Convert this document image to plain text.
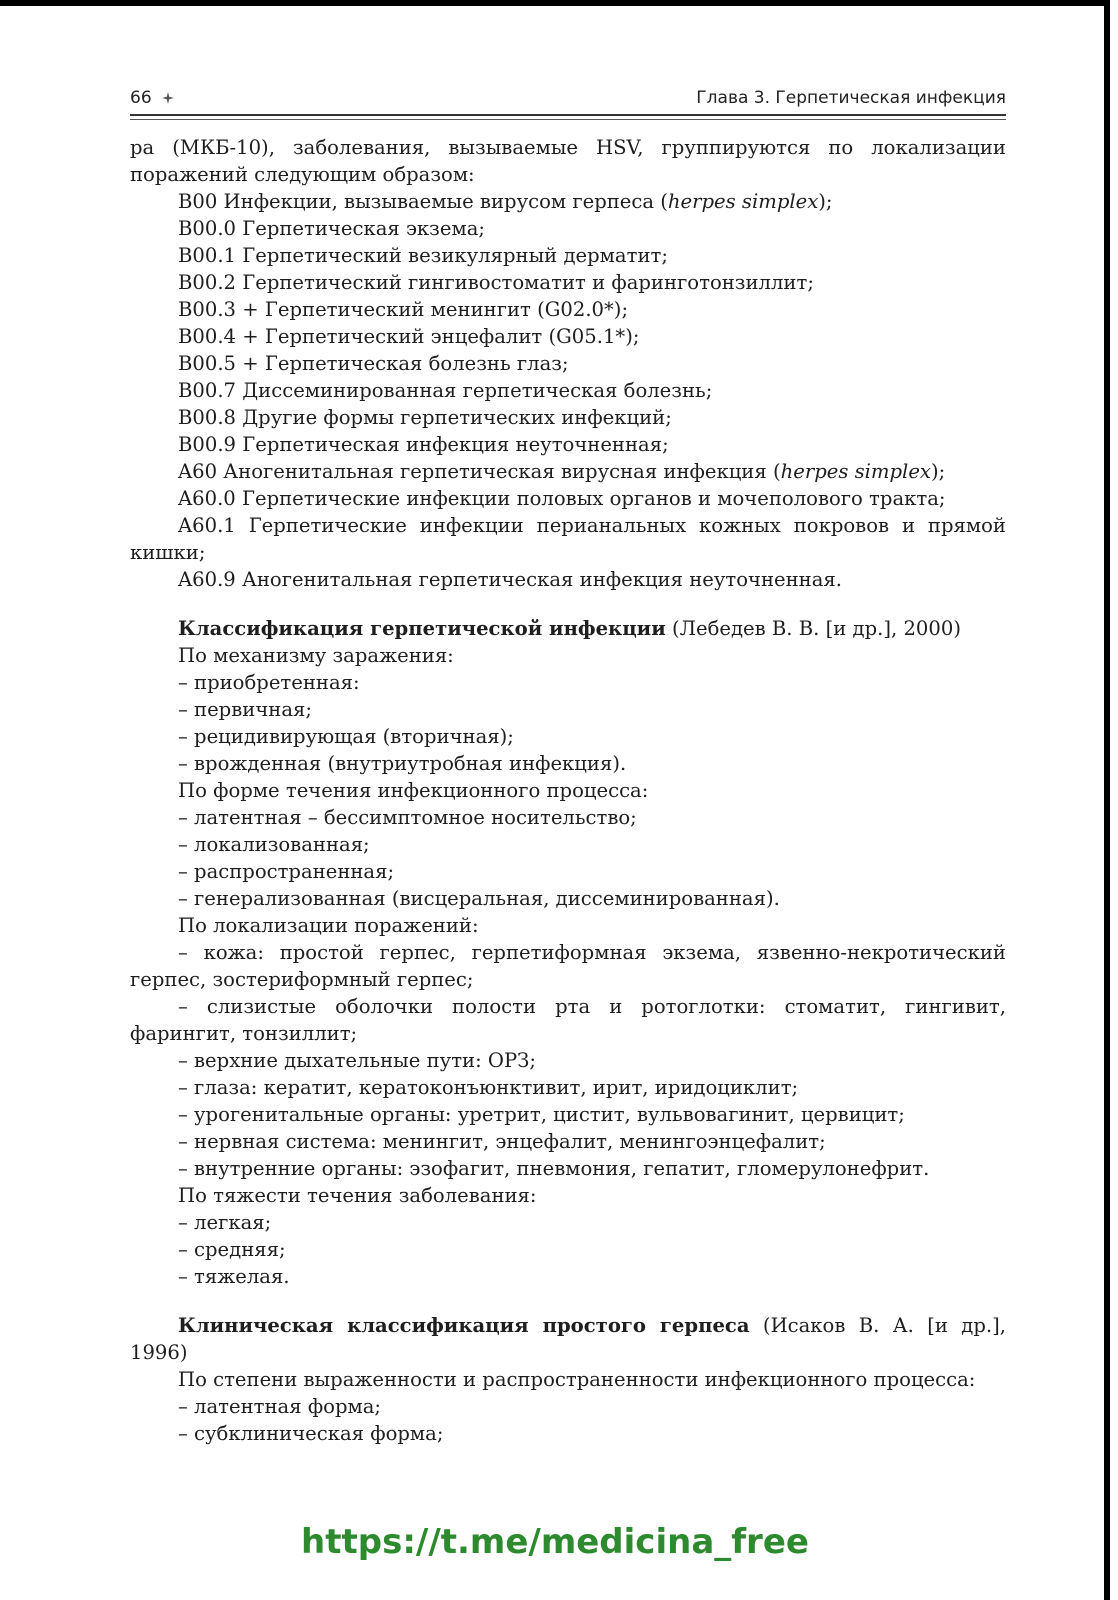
66	Глава 3. Герпетическая инфекция

ра (МКБ-10), заболевания, вызываемые HSV, группируются по локализации поражений следующим образом:

B00 Инфекции, вызываемые вирусом герпеса (herpes simplex);

B00.0 Герпетическая экзема;

B00.1 Герпетический везикулярный дерматит;

B00.2 Герпетический гингивостоматит и фаринготонзиллит;

B00.3 + Герпетический менингит (G02.0*);

B00.4 + Герпетический энцефалит (G05.1*);

B00.5 + Герпетическая болезнь глаз;

B00.7 Диссеминированная герпетическая болезнь;

B00.8 Другие формы герпетических инфекций;

B00.9 Герпетическая инфекция неуточненная;

A60 Аногенитальная герпетическая вирусная инфекция (herpes simplex);

A60.0 Герпетические инфекции половых органов и мочеполового тракта;

A60.1 Герпетические инфекции перианальных кожных покровов и прямой кишки;

A60.9 Аногенитальная герпетическая инфекция неуточненная.

Классификация герпетической инфекции (Лебедев В. В. [и др.], 2000)

По механизму заражения:

– приобретенная:

– первичная;

– рецидивирующая (вторичная);

– врожденная (внутриутробная инфекция).

По форме течения инфекционного процесса:

– латентная – бессимптомное носительство;

– локализованная;

– распространенная;

– генерализованная (висцеральная, диссеминированная).

По локализации поражений:

– кожа: простой герпес, герпетиформная экзема, язвенно-некротический герпес, зостериформный герпес;

– слизистые оболочки полости рта и ротоглотки: стоматит, гингивит, фарингит, тонзиллит;

– верхние дыхательные пути: ОРЗ;

– глаза: кератит, кератоконъюнктивит, ирит, иридоциклит;

– урогенитальные органы: уретрит, цистит, вульвовагинит, цервицит;

– нервная система: менингит, энцефалит, менингоэнцефалит;

– внутренние органы: эзофагит, пневмония, гепатит, гломерулонефрит.

По тяжести течения заболевания:

– легкая;

– средняя;

– тяжелая.

Клиническая классификация простого герпеса (Исаков В. А. [и др.], 1996)

По степени выраженности и распространенности инфекционного процесса:

– латентная форма;

– субклиническая форма;

https://t.me/medicina_free
